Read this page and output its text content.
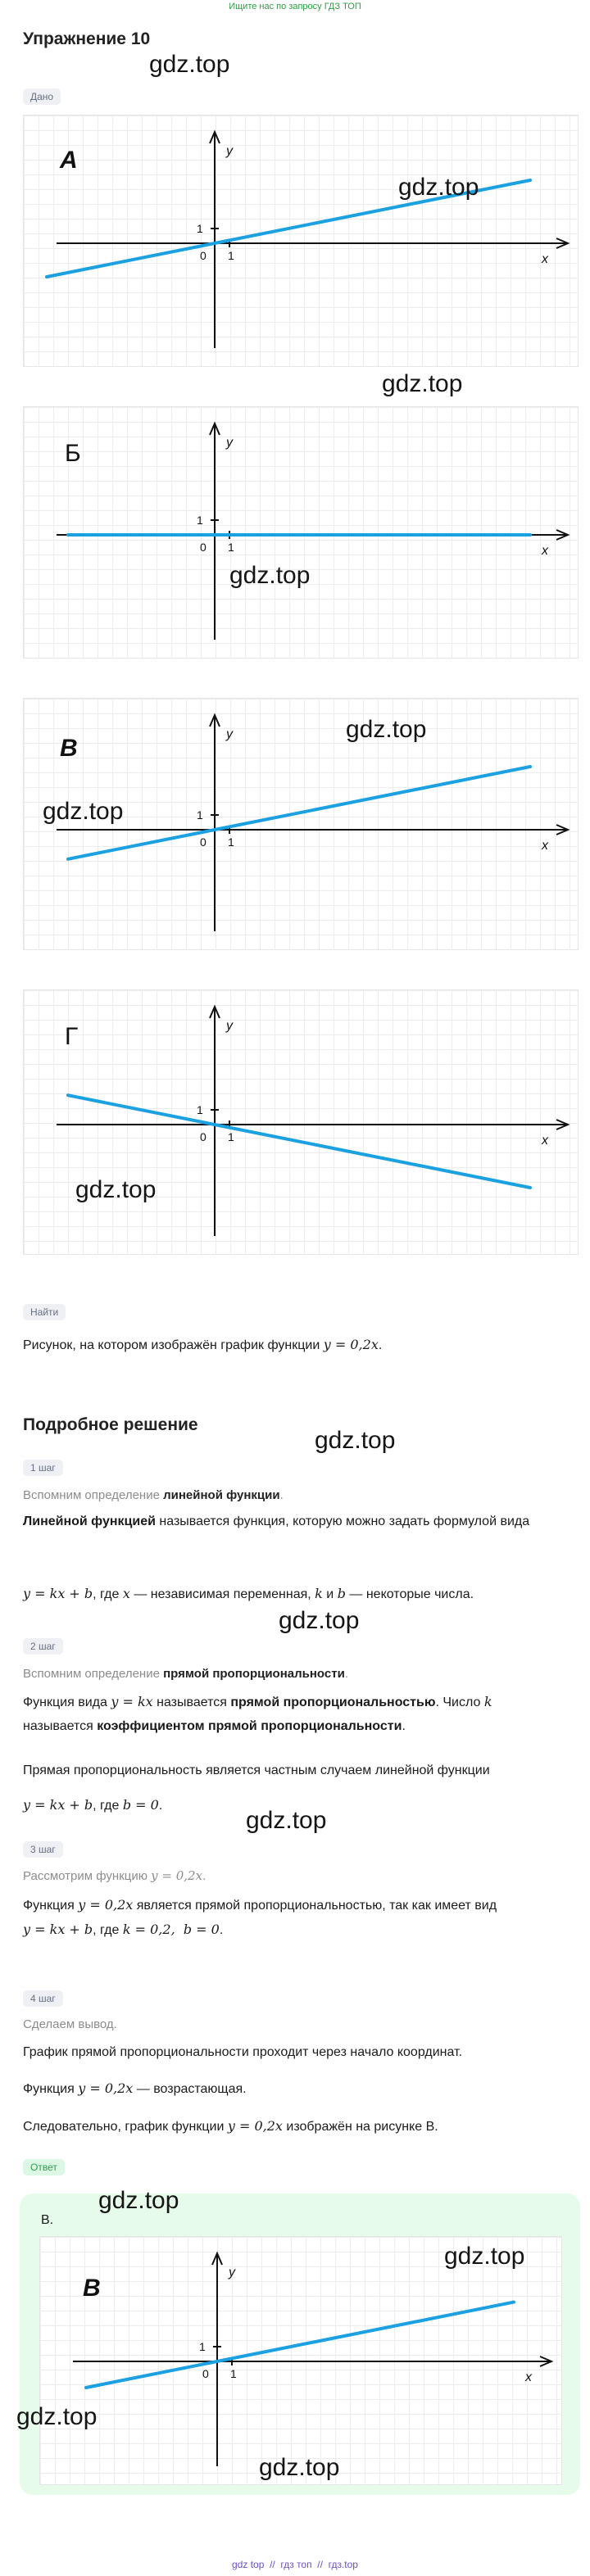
Ищите нас по запросу ГДЗ ТОП
Упражнение 10
Дано
gdz.top
А
1
1
0	x
y
gdz.top
gdz.top
Б
1
1
0	x
y
gdz.top
В
1
1
0	x
y	gdz.top
gdz.top
Г
1
1
0	x
y
gdz.top
Найти
Рисунок, на котором изображён график функции y = 0,2x.
Подробное решение
gdz.top
1 шаг
Вспомним определение линейной функции.
Линейной функцией называется функция, которую можно задать формулой вида
y = kx + b, где x — независимая переменная, k и b — некоторые числа.
gdz.top
2 шаг
Вспомним определение прямой пропорциональности.
Функция вида y = kx называется прямой пропорциональностью. Число k
называется коэффициентом прямой пропорциональности.
Прямая пропорциональность является частным случаем линейной функции
y = kx + b, где b = 0.
gdz.top
3 шаг
Рассмотрим функцию y = 0,2x.
Функция y = 0,2x является прямой пропорциональностью, так как имеет вид
y = kx + b, где k = 0,2,  b = 0.
4 шаг
Сделаем вывод.
График прямой пропорциональности проходит через начало координат.
Функция y = 0,2x — возрастающая.
Следовательно, график функции y = 0,2x изображён на рисунке В.
Ответ
В.
В
1
1
0	x
y
gdz.top
gdz.top
gdz.top
gdz.top
gdz top  //  гдз топ  //  гдз.top
